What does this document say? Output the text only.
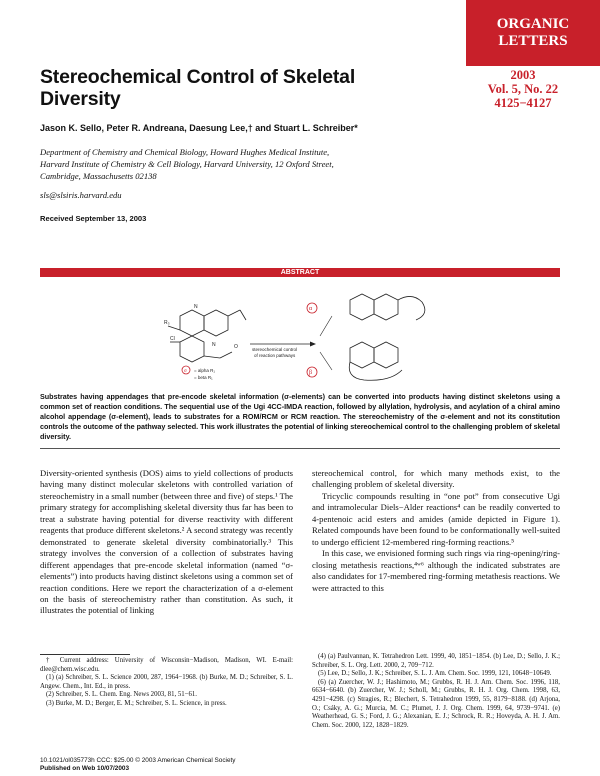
ORGANIC
LETTERS
2003
Vol. 5, No. 22
4125−4127
Stereochemical Control of Skeletal Diversity
Jason K. Sello, Peter R. Andreana, Daesung Lee,† and Stuart L. Schreiber*
Department of Chemistry and Chemical Biology, Howard Hughes Medical Institute,
Harvard Institute of Chemistry & Cell Biology, Harvard University, 12 Oxford Street,
Cambridge, Massachusetts 02138
sls@slsiris.harvard.edu
Received September 13, 2003
ABSTRACT
R₃
Cl
N
N	O
σ = alpha R₁
= beta R₁
stereochemical control
of reaction pathways
α
β
Substrates having appendages that pre-encode skeletal information (σ-elements) can be converted into products having distinct skeletons using a common set of reaction conditions. The sequential use of the Ugi 4CC-IMDA reaction, followed by allylation, hydrolysis, and acylation of a chiral amino alcohol appendage (σ-element), leads to substrates for a ROM/RCM or RCM reaction. The stereochemistry of the σ-element and not its constitution controls the outcome of the pathway selected. This work illustrates the potential of linking stereochemical control to the challenging problem of skeletal diversity.

Diversity-oriented synthesis (DOS) aims to yield collections of products having many distinct molecular skeletons with controlled variation of stereochemistry in a small number (between three and five) of steps.¹ The primary strategy for accomplishing skeletal diversity thus far has been to treat a substrate having potential for diverse reactivity with different reagents that produce different skeletons.² A second strategy was recently demonstrated to generate skeletal diversity combinatorially.³ This strategy involves the conversion of a collection of substrates having different appendages that pre-encode skeletal information (named “σ-elements”) into products having distinct skeletons using a common set of reaction conditions. Here we report the characterization of a σ-element on the basis of stereochemistry rather than constitution. As such, it illustrates the potential of linking

stereochemical control, for which many methods exist, to the challenging problem of skeletal diversity.

Tricyclic compounds resulting in “one pot” from consecutive Ugi and intramolecular Diels−Alder reactions⁴ can be readily converted to 4-pentenoic acid esters and amides (amide depicted in Figure 1). Related compounds have been found to be conformationally well-suited to undergo efficient 12-membered ring-forming reactions.⁵

In this case, we envisioned forming such rings via ring-opening/ring-closing metathesis reactions,⁴ʷ⁶ although the indicated substrates are also candidates for 17-membered ring-forming metathesis reactions. We were attracted to this

† Current address: University of Wisconsin−Madison, Madison, WI. E-mail: dlee@chem.wisc.edu.

(1) (a) Schreiber, S. L. Science 2000, 287, 1964−1968. (b) Burke, M. D.; Schreiber, S. L. Angew. Chem., Int. Ed., in press.

(2) Schreiber, S. L. Chem. Eng. News 2003, 81, 51−61.

(3) Burke, M. D.; Berger, E. M.; Schreiber, S. L. Science, in press.

(4) (a) Paulvannan, K. Tetrahedron Lett. 1999, 40, 1851−1854. (b) Lee, D.; Sello, J. K.; Schreiber, S. L. Org. Lett. 2000, 2, 709−712.

(5) Lee, D.; Sello, J. K.; Schreiber, S. L. J. Am. Chem. Soc. 1999, 121, 10648−10649.

(6) (a) Zuercher, W. J.; Hashimoto, M.; Grubbs, R. H. J. Am. Chem. Soc. 1996, 118, 6634−6640. (b) Zuercher, W. J.; Scholl, M.; Grubbs, R. H. J. Org. Chem. 1998, 63, 4291−4298. (c) Stragies, R.; Blechert, S. Tetrahedron 1999, 55, 8179−8188. (d) Arjona, O.; Csáky, A. G.; Murcia, M. C.; Plumet, J. J. Org. Chem. 1999, 64, 9739−9741. (e) Weatherhead, G. S.; Ford, J. G.; Alexanian, E. J.; Schrock, R. R.; Hoveyda, A. H. J. Am. Chem. Soc. 2000, 122, 1828−1829.

10.1021/ol035773h CCC: $25.00 © 2003 American Chemical Society
Published on Web 10/07/2003
